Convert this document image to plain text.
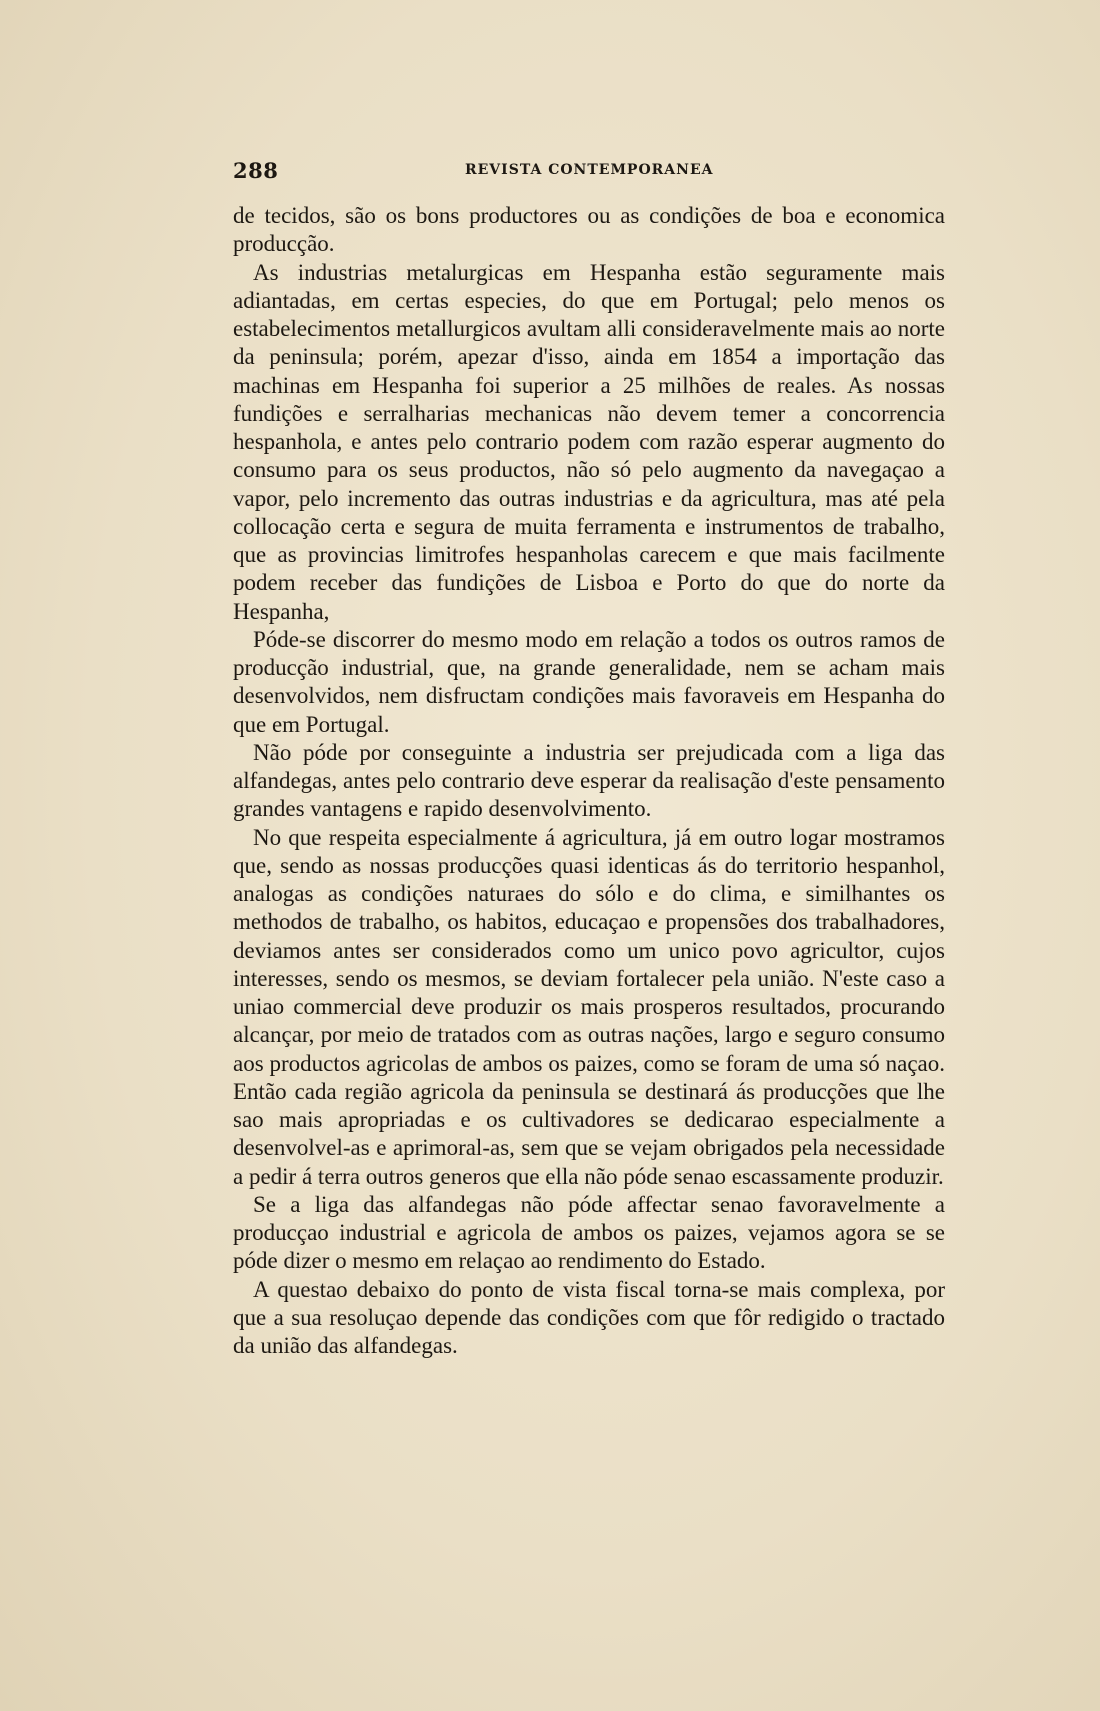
288	REVISTA CONTEMPORANEA

de tecidos, são os bons productores ou as condições de boa e economica producção.

As industrias metalurgicas em Hespanha estão seguramente mais adiantadas, em certas especies, do que em Portugal; pelo menos os estabelecimentos metallurgicos avultam alli consideravelmente mais ao norte da peninsula; porém, apezar d'isso, ainda em 1854 a importação das machinas em Hespanha foi superior a 25 milhões de reales. As nossas fundições e serralharias mechanicas não devem temer a concorrencia hespanhola, e antes pelo contrario podem com razão esperar augmento do consumo para os seus productos, não só pelo augmento da navegaçao a vapor, pelo incremento das outras industrias e da agricultura, mas até pela collocação certa e segura de muita ferramenta e instrumentos de trabalho, que as provincias limitrofes hespanholas carecem e que mais facilmente podem receber das fundições de Lisboa e Porto do que do norte da Hespanha,

Póde-se discorrer do mesmo modo em relação a todos os outros ramos de producção industrial, que, na grande generalidade, nem se acham mais desenvolvidos, nem disfructam condições mais favoraveis em Hespanha do que em Portugal.

Não póde por conseguinte a industria ser prejudicada com a liga das alfandegas, antes pelo contrario deve esperar da realisação d'este pensamento grandes vantagens e rapido desenvolvimento.

No que respeita especialmente á agricultura, já em outro logar mostramos que, sendo as nossas producções quasi identicas ás do territorio hespanhol, analogas as condições naturaes do sólo e do clima, e similhantes os methodos de trabalho, os habitos, educaçao e propensões dos trabalhadores, deviamos antes ser considerados como um unico povo agricultor, cujos interesses, sendo os mesmos, se deviam fortalecer pela união. N'este caso a uniao commercial deve produzir os mais prosperos resultados, procurando alcançar, por meio de tratados com as outras nações, largo e seguro consumo aos productos agricolas de ambos os paizes, como se foram de uma só naçao. Então cada região agricola da peninsula se destinará ás producções que lhe sao mais apropriadas e os cultivadores se dedicarao especialmente a desenvolvel-as e aprimoral-as, sem que se vejam obrigados pela necessidade a pedir á terra outros generos que ella não póde senao escassamente produzir.

Se a liga das alfandegas não póde affectar senao favoravelmente a producçao industrial e agricola de ambos os paizes, vejamos agora se se póde dizer o mesmo em relaçao ao rendimento do Estado.

A questao debaixo do ponto de vista fiscal torna-se mais complexa, por que a sua resoluçao depende das condições com que fôr redigido o tractado da união das alfandegas.
